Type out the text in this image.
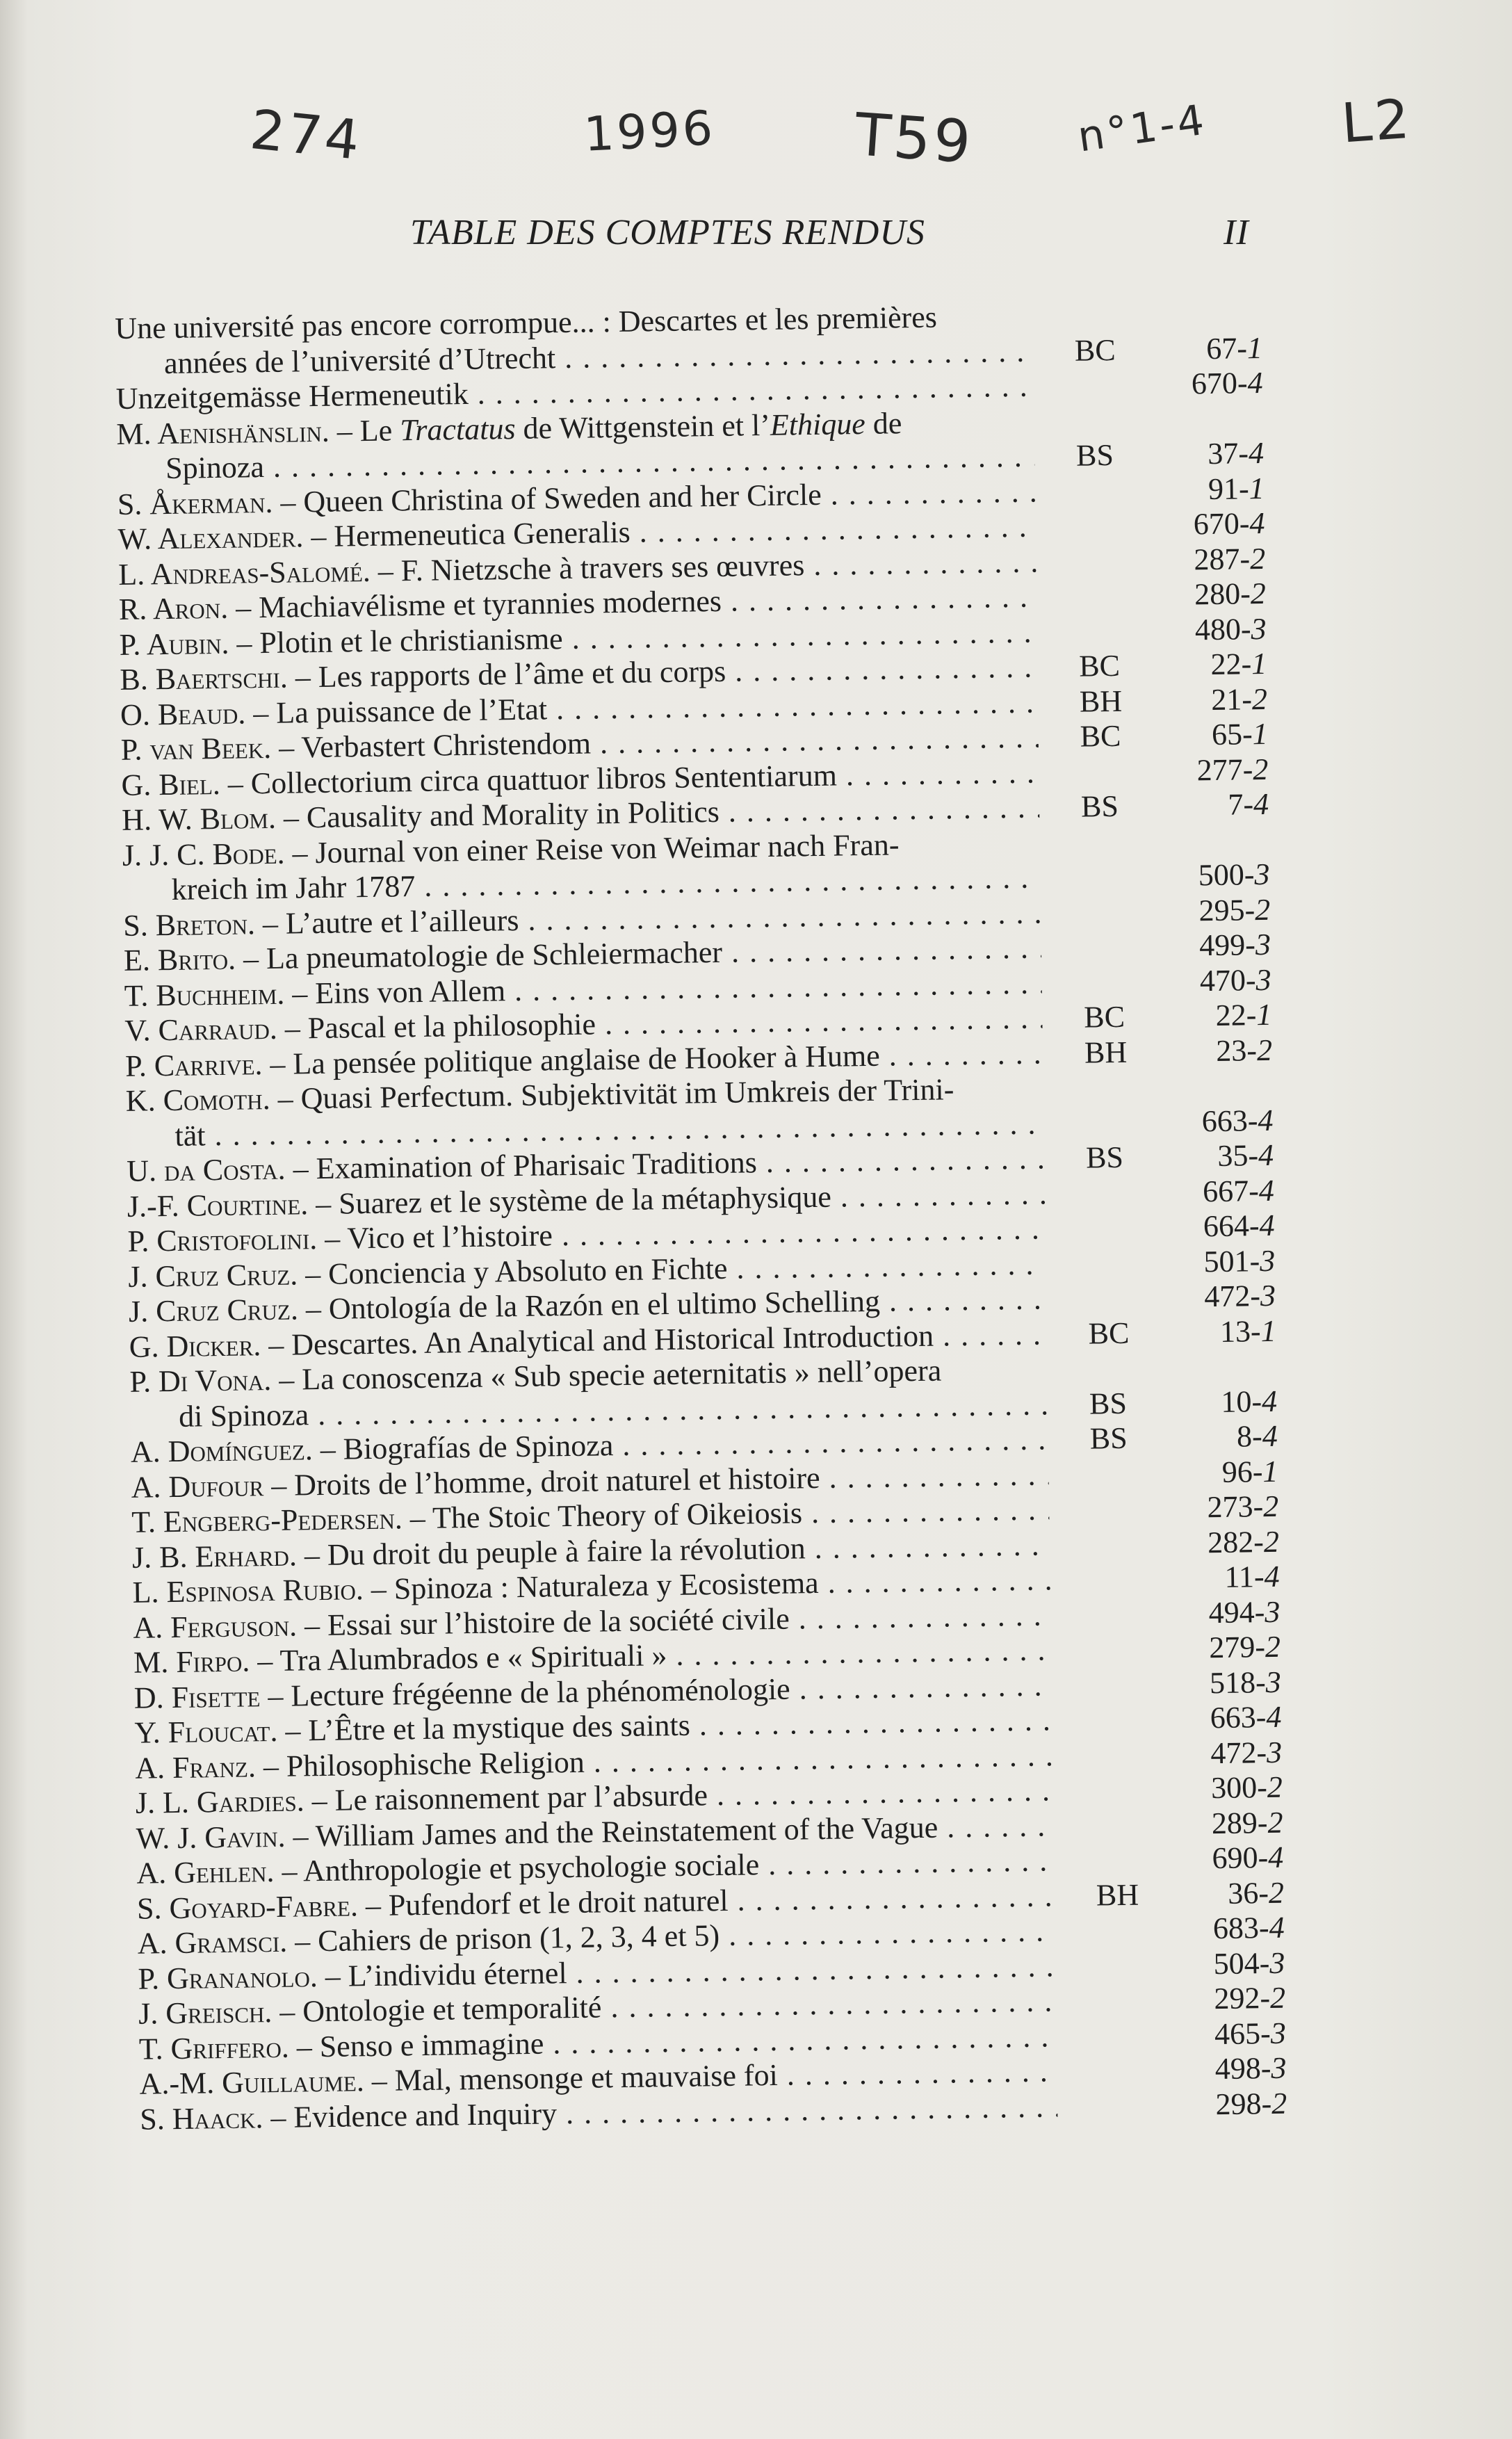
274	1996 T59 n°1-4 L2
TABLE DES COMPTES RENDUS	II
Une université pas encore corrompue... : Descartes et les premières
années de l’université d’Utrecht . . .	BC	67-1
Unzeitgemässe Hermeneutik . . .	670-4
M. Aenishänslin. – Le Tractatus de Wittgenstein et l’Ethique de
Spinoza . . .	BS	37-4
S. Åkerman. – Queen Christina of Sweden and her Circle . . .	91-1
W. Alexander. – Hermeneutica Generalis . . .	670-4
L. Andreas-Salomé. – F. Nietzsche à travers ses œuvres . . .	287-2
R. Aron. – Machiavélisme et tyrannies modernes . . .	280-2
P. Aubin. – Plotin et le christianisme . . .	480-3
B. Baertschi. – Les rapports de l’âme et du corps . . .	BC	22-1
O. Beaud. – La puissance de l’Etat . . .	BH	21-2
P. van Beek. – Verbastert Christendom . . .	BC	65-1
G. Biel. – Collectorium circa quattuor libros Sententiarum . . .	277-2
H. W. Blom. – Causality and Morality in Politics . . .	BS	7-4
J. J. C. Bode. – Journal von einer Reise von Weimar nach Fran-
kreich im Jahr 1787 . . .	500-3
S. Breton. – L’autre et l’ailleurs . . .	295-2
E. Brito. – La pneumatologie de Schleiermacher . . .	499-3
T. Buchheim. – Eins von Allem . . .	470-3
V. Carraud. – Pascal et la philosophie . . .	BC	22-1
P. Carrive. – La pensée politique anglaise de Hooker à Hume . . .	BH	23-2
K. Comoth. – Quasi Perfectum. Subjektivität im Umkreis der Trini-
tät . . .	663-4
U. da Costa. – Examination of Pharisaic Traditions . . .	BS	35-4
J.-F. Courtine. – Suarez et le système de la métaphysique . . .	667-4
P. Cristofolini. – Vico et l’histoire . . .	664-4
J. Cruz Cruz. – Conciencia y Absoluto en Fichte . . .	501-3
J. Cruz Cruz. – Ontología de la Razón en el ultimo Schelling . . .	472-3
G. Dicker. – Descartes. An Analytical and Historical Introduction . . .	BC	13-1
P. Di Vona. – La conoscenza « Sub specie aeternitatis » nell’opera
di Spinoza . . .	BS	10-4
A. Domínguez. – Biografías de Spinoza . . .	BS	8-4
A. Dufour – Droits de l’homme, droit naturel et histoire . . .	96-1
T. Engberg-Pedersen. – The Stoic Theory of Oikeiosis . . .	273-2
J. B. Erhard. – Du droit du peuple à faire la révolution . . .	282-2
L. Espinosa Rubio. – Spinoza : Naturaleza y Ecosistema . . .	11-4
A. Ferguson. – Essai sur l’histoire de la société civile . . .	494-3
M. Firpo. – Tra Alumbrados e « Spirituali » . . .	279-2
D. Fisette – Lecture frégéenne de la phénoménologie . . .	518-3
Y. Floucat. – L’Être et la mystique des saints . . .	663-4
A. Franz. – Philosophische Religion . . .	472-3
J. L. Gardies. – Le raisonnement par l’absurde . . .	300-2
W. J. Gavin. – William James and the Reinstatement of the Vague . . .	289-2
A. Gehlen. – Anthropologie et psychologie sociale . . .	690-4
S. Goyard-Fabre. – Pufendorf et le droit naturel . . .	BH	36-2
A. Gramsci. – Cahiers de prison (1, 2, 3, 4 et 5) . . .	683-4
P. Grananolo. – L’individu éternel . . .	504-3
J. Greisch. – Ontologie et temporalité . . .	292-2
T. Griffero. – Senso e immagine . . .	465-3
A.-M. Guillaume. – Mal, mensonge et mauvaise foi . . .	498-3
S. Haack. – Evidence and Inquiry . . .	298-2
